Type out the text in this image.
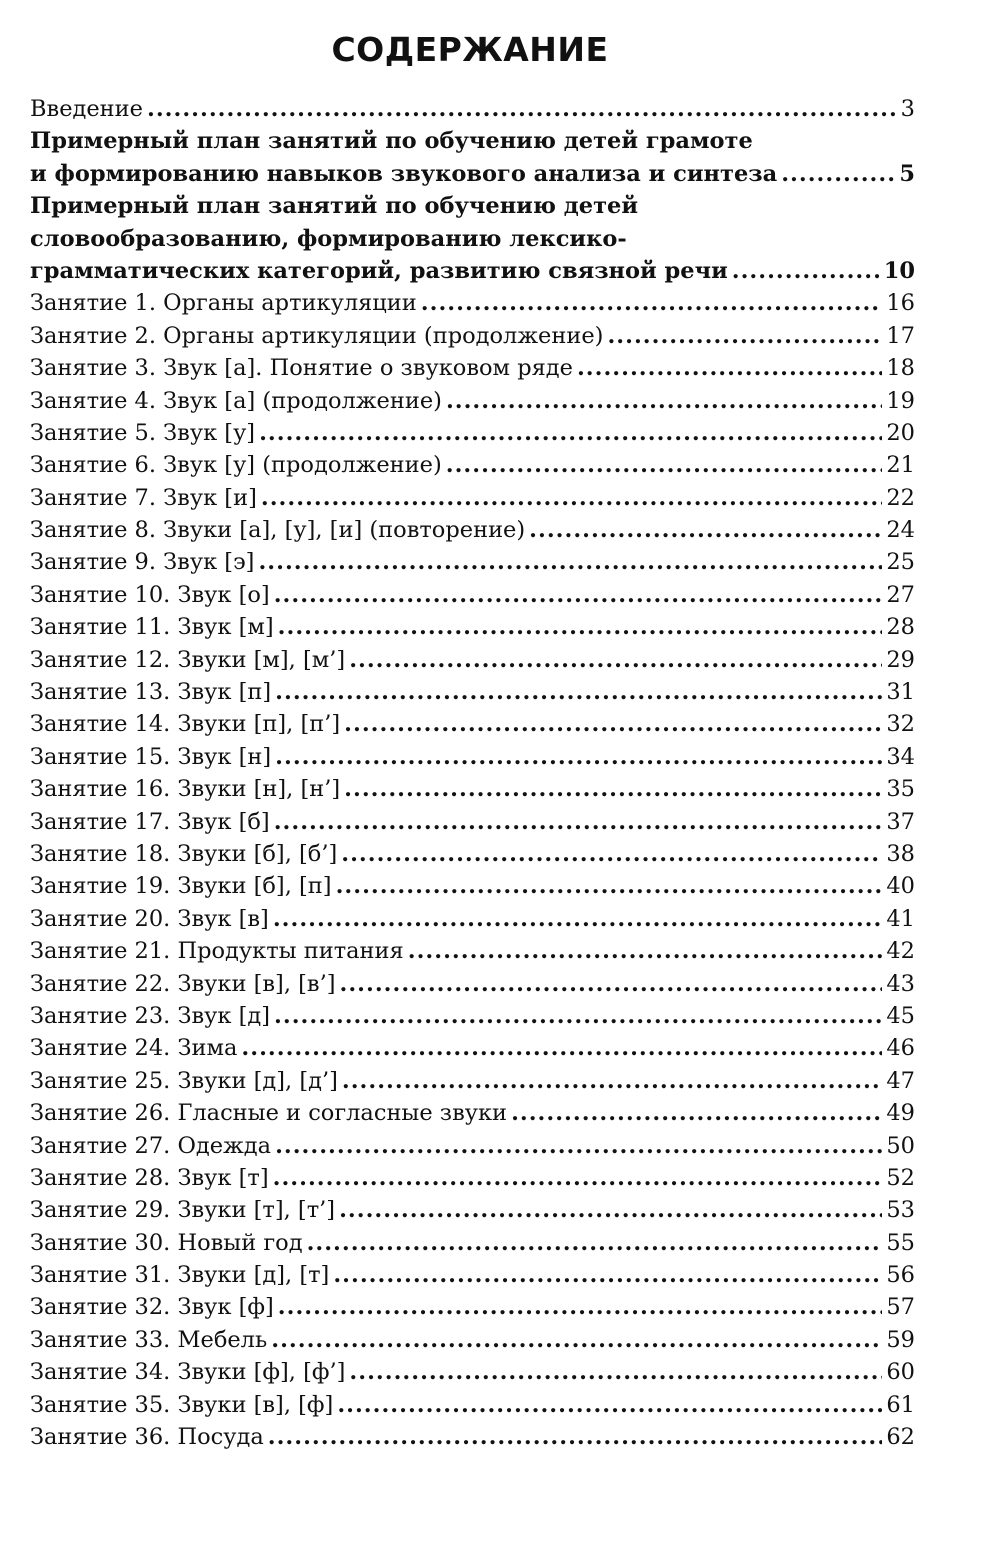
СОДЕРЖАНИЕ
Введение .....	3
Примерный план занятий по обучению детей грамоте
и формированию навыков звукового анализа и синтеза .....	5
Примерный план занятий по обучению детей
словообразованию, формированию лексико-
грамматических категорий, развитию связной речи .....	10
Занятие 1. Органы артикуляции .....	16
Занятие 2. Органы артикуляции (продолжение) .....	17
Занятие 3. Звук [а]. Понятие о звуковом ряде .....	18
Занятие 4. Звук [а] (продолжение) .....	19
Занятие 5. Звук [у] .....	20
Занятие 6. Звук [у] (продолжение) .....	21
Занятие 7. Звук [и] .....	22
Занятие 8. Звуки [а], [у], [и] (повторение) .....	24
Занятие 9. Звук [э] .....	25
Занятие 10. Звук [о] .....	27
Занятие 11. Звук [м] .....	28
Занятие 12. Звуки [м], [м’] .....	29
Занятие 13. Звук [п] .....	31
Занятие 14. Звуки [п], [п’] .....	32
Занятие 15. Звук [н] .....	34
Занятие 16. Звуки [н], [н’] .....	35
Занятие 17. Звук [б] .....	37
Занятие 18. Звуки [б], [б’] .....	38
Занятие 19. Звуки [б], [п] .....	40
Занятие 20. Звук [в] .....	41
Занятие 21. Продукты питания .....	42
Занятие 22. Звуки [в], [в’] .....	43
Занятие 23. Звук [д] .....	45
Занятие 24. Зима .....	46
Занятие 25. Звуки [д], [д’] .....	47
Занятие 26. Гласные и согласные звуки .....	49
Занятие 27. Одежда .....	50
Занятие 28. Звук [т] .....	52
Занятие 29. Звуки [т], [т’] .....	53
Занятие 30. Новый год .....	55
Занятие 31. Звуки [д], [т] .....	56
Занятие 32. Звук [ф] .....	57
Занятие 33. Мебель .....	59
Занятие 34. Звуки [ф], [ф’] .....	60
Занятие 35. Звуки [в], [ф] .....	61
Занятие 36. Посуда .....	62
